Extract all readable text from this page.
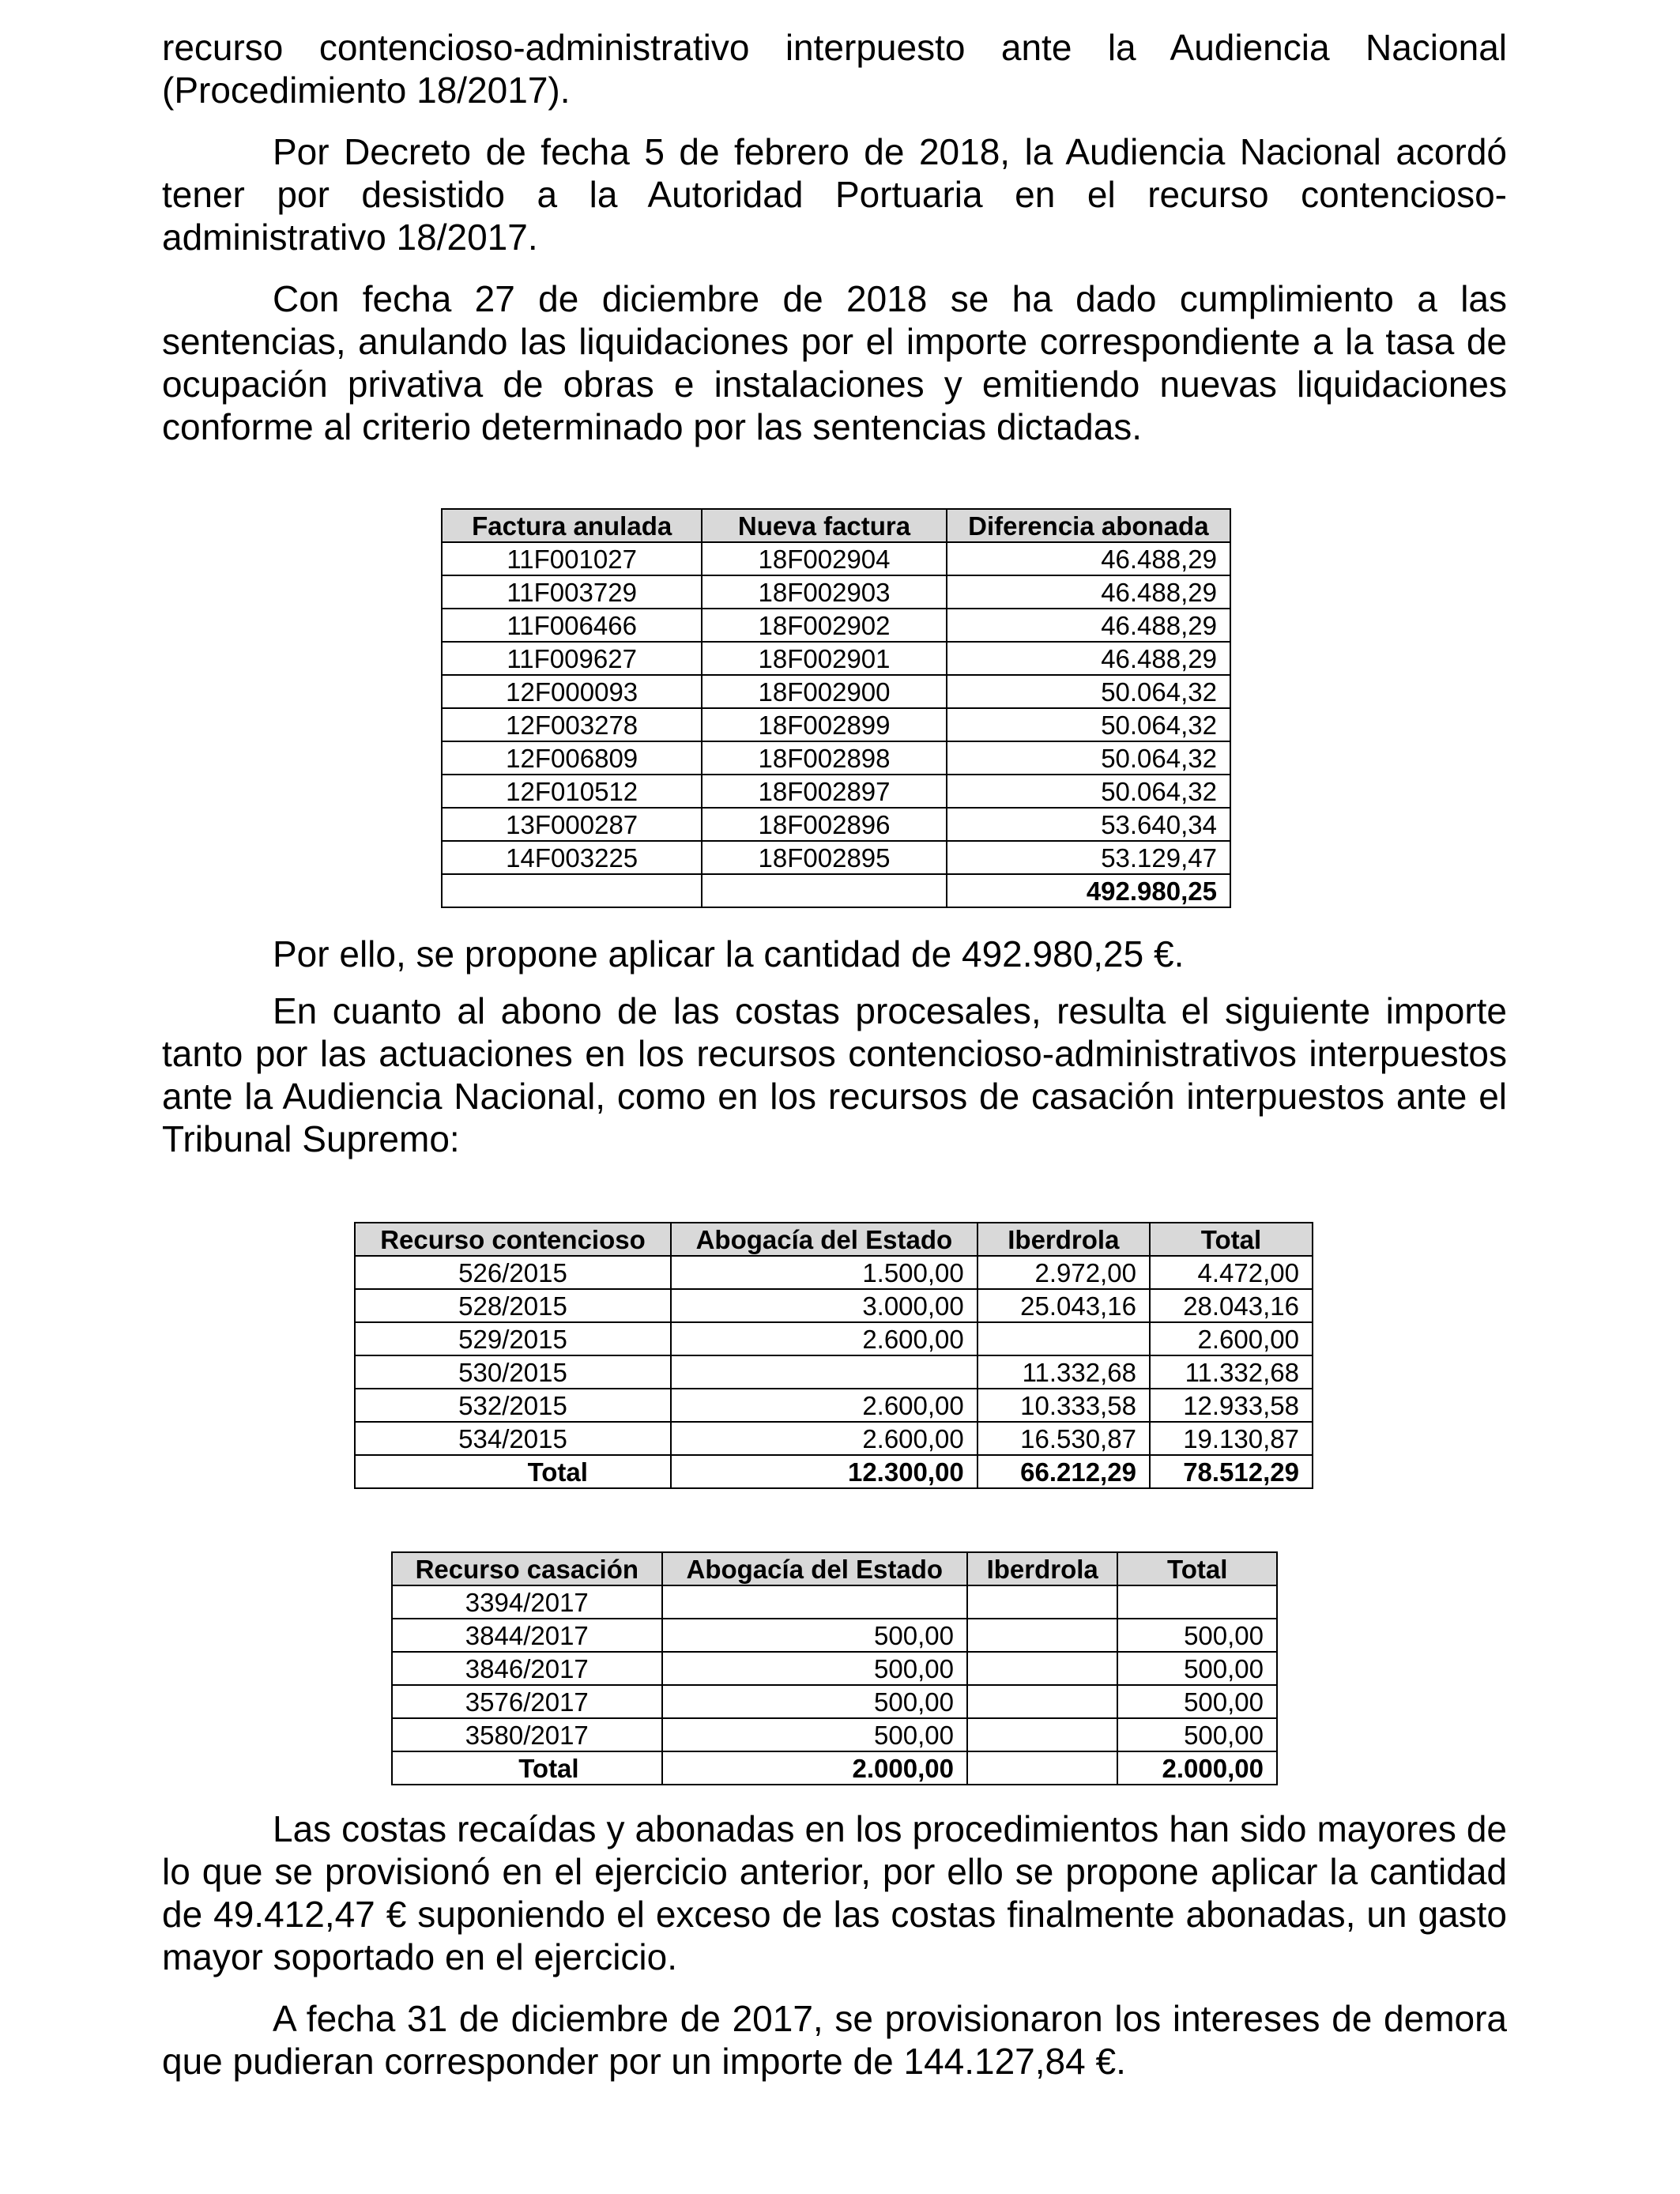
recurso contencioso-administrativo interpuesto ante la Audiencia Nacional (Procedimiento 18/2017).

Por Decreto de fecha 5 de febrero de 2018, la Audiencia Nacional acordó tener por desistido a la Autoridad Portuaria en el recurso contencioso-administrativo 18/2017.

Con fecha 27 de diciembre de 2018 se ha dado cumplimiento a las sentencias, anulando las liquidaciones por el importe correspondiente a la tasa de ocupación privativa de obras e instalaciones y emitiendo nuevas liquidaciones conforme al criterio determinado por las sentencias dictadas.

Factura anulada	Nueva factura	Diferencia abonada
11F001027	18F002904	46.488,29
11F003729	18F002903	46.488,29
11F006466	18F002902	46.488,29
11F009627	18F002901	46.488,29
12F000093	18F002900	50.064,32
12F003278	18F002899	50.064,32
12F006809	18F002898	50.064,32
12F010512	18F002897	50.064,32
13F000287	18F002896	53.640,34
14F003225	18F002895	53.129,47
		492.980,25

Por ello, se propone aplicar la cantidad de 492.980,25 €.

En cuanto al abono de las costas procesales, resulta el siguiente importe tanto por las actuaciones en los recursos contencioso-administrativos interpuestos ante la Audiencia Nacional, como en los recursos de casación interpuestos ante el Tribunal Supremo:

Recurso contencioso	Abogacía del Estado	Iberdrola	Total
526/2015	1.500,00	2.972,00	4.472,00
528/2015	3.000,00	25.043,16	28.043,16
529/2015	2.600,00		2.600,00
530/2015		11.332,68	11.332,68
532/2015	2.600,00	10.333,58	12.933,58
534/2015	2.600,00	16.530,87	19.130,87
Total	12.300,00	66.212,29	78.512,29
Recurso casación	Abogacía del Estado	Iberdrola	Total
3394/2017			
3844/2017	500,00		500,00
3846/2017	500,00		500,00
3576/2017	500,00		500,00
3580/2017	500,00		500,00
Total	2.000,00		2.000,00

Las costas recaídas y abonadas en los procedimientos han sido mayores de lo que se provisionó en el ejercicio anterior, por ello se propone aplicar la cantidad de 49.412,47 € suponiendo el exceso de las costas finalmente abonadas, un gasto mayor soportado en el ejercicio.

A fecha 31 de diciembre de 2017, se provisionaron los intereses de demora que pudieran corresponder por un importe de 144.127,84 €.
